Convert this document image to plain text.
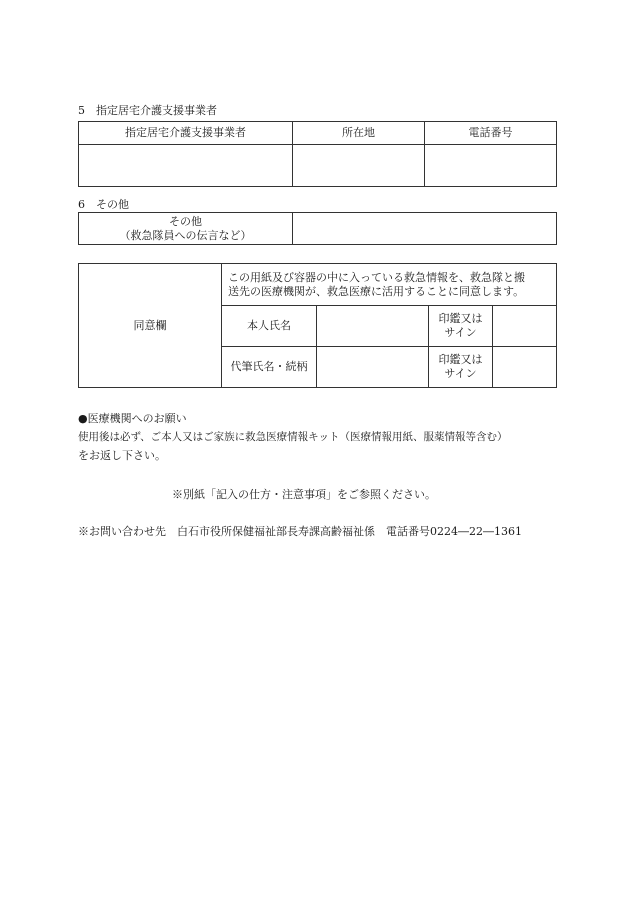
5　指定居宅介護支援事業者
指定居宅介護支援事業者	所在地	電話番号

6　その他
その他
（救急隊員への伝言など）

同意欄	この用紙及び容器の中に入っている救急情報を、救急隊と搬
送先の医療機関が、救急医療に活用することに同意します。			

	本人氏名		印鑑又は
サイン	

	代筆氏名・続柄		印鑑又は
サイン	

●医療機関へのお願い
使用後は必ず、ご本人又はご家族に救急医療情報キット（医療情報用紙、服薬情報等含む）
をお返し下さい。
※別紙「記入の仕方・注意事項」をご参照ください。
※お問い合わせ先　白石市役所保健福祉部長寿課高齢福祉係　電話番号0224―22―1361
